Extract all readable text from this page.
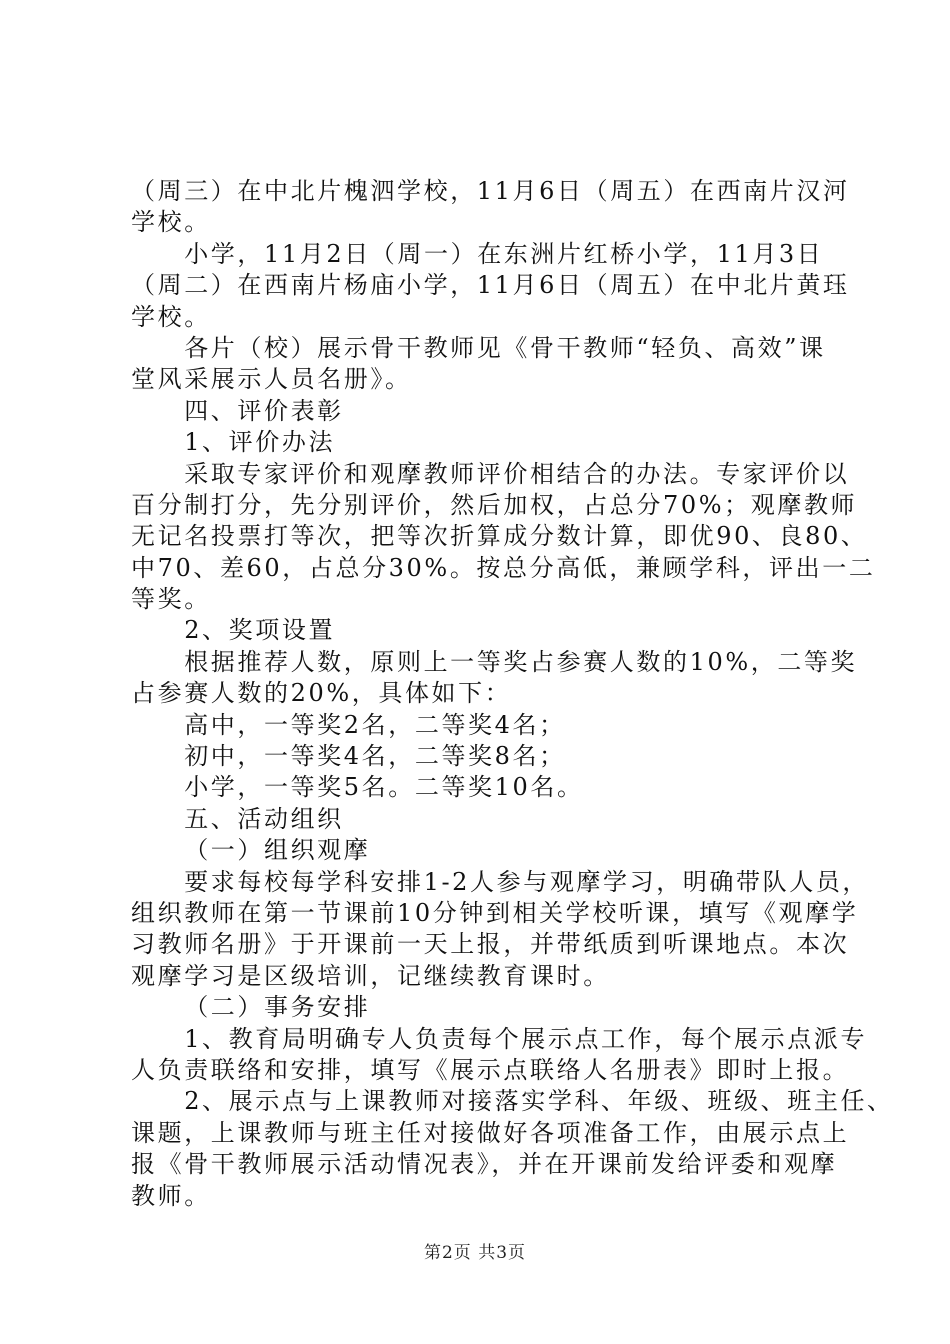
（周三）在中北片槐泗学校，11月6日（周五）在西南片汉河
学校。
小学，11月2日（周一）在东洲片红桥小学，11月3日
（周二）在西南片杨庙小学，11月6日（周五）在中北片黄珏
学校。
各片（校）展示骨干教师见《骨干教师“轻负、高效”课
堂风采展示人员名册》。
四、评价表彰
1、评价办法
采取专家评价和观摩教师评价相结合的办法。专家评价以
百分制打分，先分别评价，然后加权，占总分70%；观摩教师
无记名投票打等次，把等次折算成分数计算，即优90、良80、
中70、差60，占总分30%。按总分高低，兼顾学科，评出一二
等奖。
2、奖项设置
根据推荐人数，原则上一等奖占参赛人数的10%，二等奖
占参赛人数的20%，具体如下：
高中，一等奖2名，二等奖4名；
初中，一等奖4名，二等奖8名；
小学，一等奖5名。二等奖10名。
五、活动组织
（一）组织观摩
要求每校每学科安排1-2人参与观摩学习，明确带队人员，
组织教师在第一节课前10分钟到相关学校听课，填写《观摩学
习教师名册》于开课前一天上报，并带纸质到听课地点。本次
观摩学习是区级培训，记继续教育课时。
（二）事务安排
1、教育局明确专人负责每个展示点工作，每个展示点派专
人负责联络和安排，填写《展示点联络人名册表》即时上报。
2、展示点与上课教师对接落实学科、年级、班级、班主任、
课题，上课教师与班主任对接做好各项准备工作，由展示点上
报《骨干教师展示活动情况表》，并在开课前发给评委和观摩
教师。
第2页 共3页
